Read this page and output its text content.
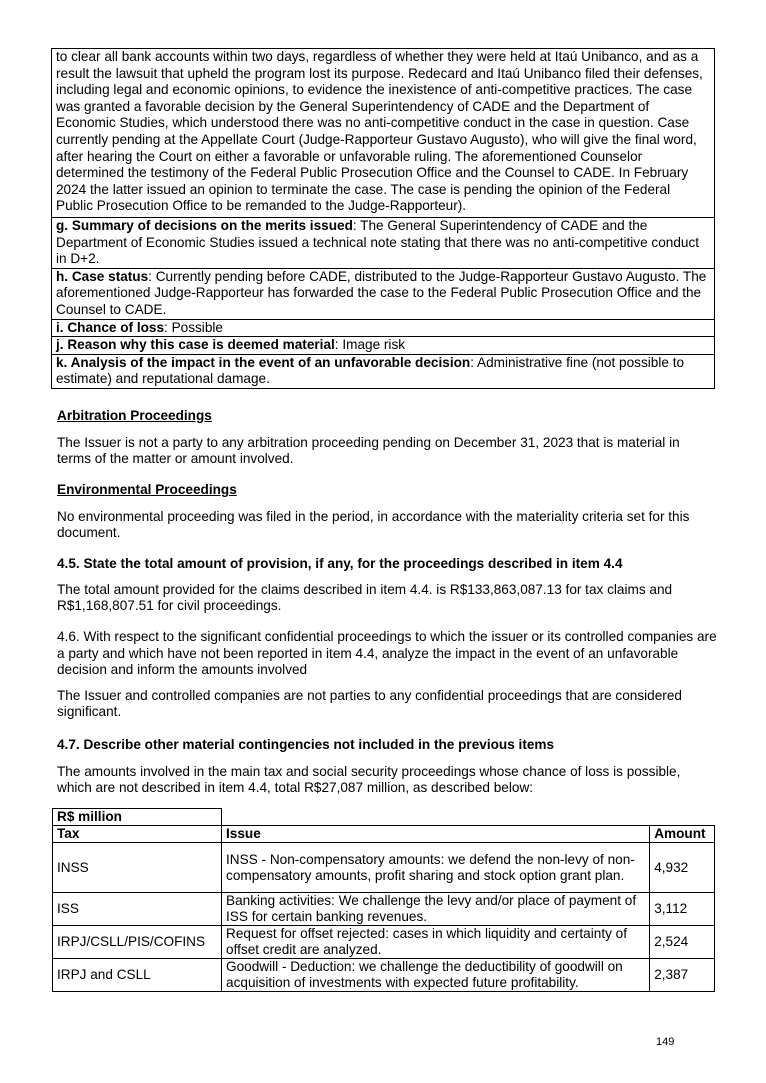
to clear all bank accounts within two days, regardless of whether they were held at Itaú Unibanco, and as a result the lawsuit that upheld the program lost its purpose. Redecard and Itaú Unibanco filed their defenses, including legal and economic opinions, to evidence the inexistence of anti-competitive practices. The case was granted a favorable decision by the General Superintendency of CADE and the Department of Economic Studies, which understood there was no anti-competitive conduct in the case in question. Case currently pending at the Appellate Court (Judge-Rapporteur Gustavo Augusto), who will give the final word, after hearing the Court on either a favorable or unfavorable ruling. The aforementioned Counselor determined the testimony of the Federal Public Prosecution Office and the Counsel to CADE. In February 2024 the latter issued an opinion to terminate the case. The case is pending the opinion of the Federal Public Prosecution Office to be remanded to the Judge-Rapporteur).
g. Summary of decisions on the merits issued: The General Superintendency of CADE and the Department of Economic Studies issued a technical note stating that there was no anti-competitive conduct in D+2.
h. Case status: Currently pending before CADE, distributed to the Judge-Rapporteur Gustavo Augusto. The aforementioned Judge-Rapporteur has forwarded the case to the Federal Public Prosecution Office and the Counsel to CADE.
i. Chance of loss: Possible
j. Reason why this case is deemed material: Image risk
k. Analysis of the impact in the event of an unfavorable decision: Administrative fine (not possible to estimate) and reputational damage.
Arbitration Proceedings
The Issuer is not a party to any arbitration proceeding pending on December 31, 2023 that is material in terms of the matter or amount involved.
Environmental Proceedings
No environmental proceeding was filed in the period, in accordance with the materiality criteria set for this document.
4.5. State the total amount of provision, if any, for the proceedings described in item 4.4
The total amount provided for the claims described in item 4.4. is R$133,863,087.13 for tax claims and R$1,168,807.51 for civil proceedings.
4.6. With respect to the significant confidential proceedings to which the issuer or its controlled companies are a party and which have not been reported in item 4.4, analyze the impact in the event of an unfavorable decision and inform the amounts involved
The Issuer and controlled companies are not parties to any confidential proceedings that are considered significant.
4.7. Describe other material contingencies not included in the previous items
The amounts involved in the main tax and social security proceedings whose chance of loss is possible, which are not described in item 4.4, total R$27,087 million, as described below:
R$ million		
Tax	Issue	Amount
INSS	INSS - Non-compensatory amounts: we defend the non-levy of non-compensatory amounts, profit sharing and stock option grant plan.	4,932
ISS	Banking activities: We challenge the levy and/or place of payment of ISS for certain banking revenues.	3,112
IRPJ/CSLL/PIS/COFINS	Request for offset rejected: cases in which liquidity and certainty of offset credit are analyzed.	2,524
IRPJ and CSLL	Goodwill - Deduction: we challenge the deductibility of goodwill on acquisition of investments with expected future profitability.	2,387
149
